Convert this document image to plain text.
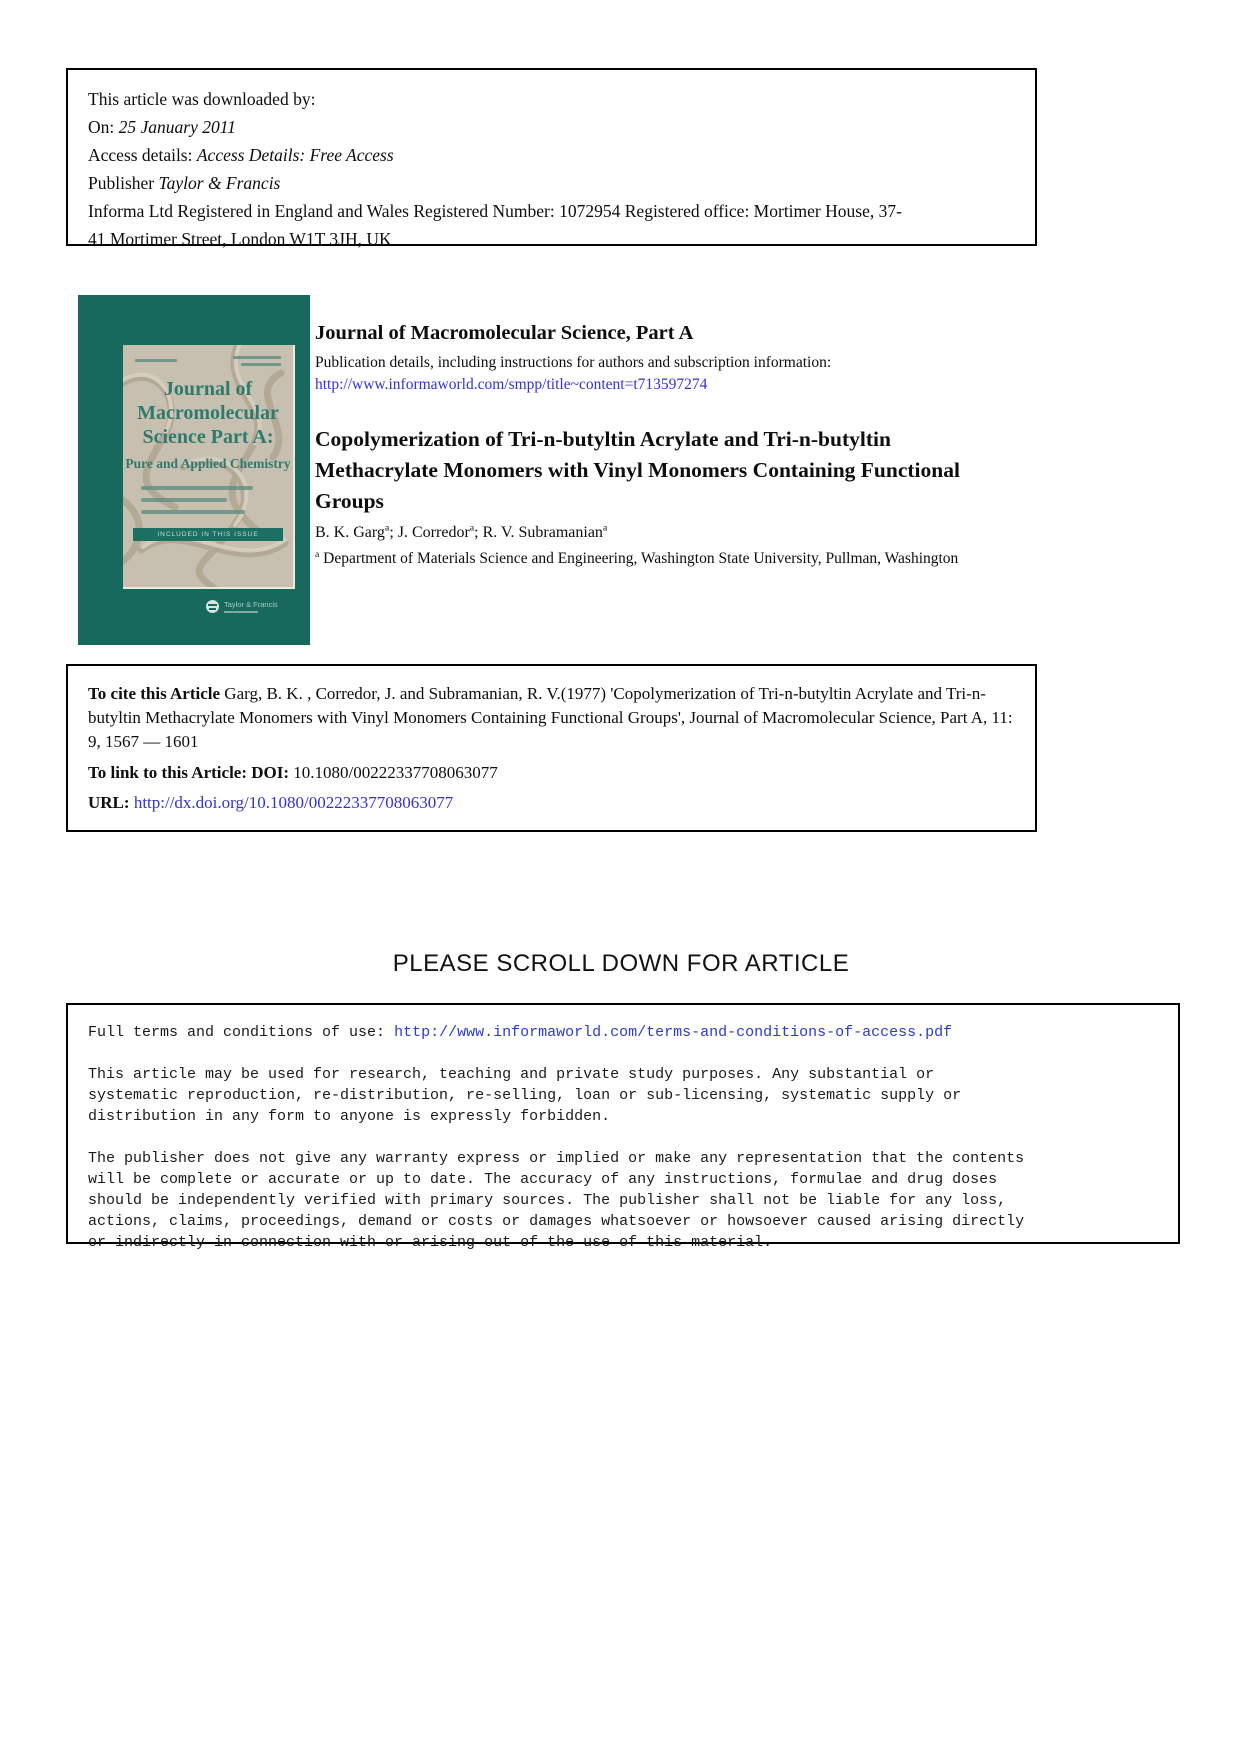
This article was downloaded by:
On: 25 January 2011
Access details: Access Details: Free Access
Publisher Taylor & Francis
Informa Ltd Registered in England and Wales Registered Number: 1072954 Registered office: Mortimer House, 37-
41 Mortimer Street, London W1T 3JH, UK
Journal of
Macromolecular
Science Part A:
Pure and Applied Chemistry
INCLUDED IN THIS ISSUE
Taylor & Francis
Journal of Macromolecular Science, Part A
Publication details, including instructions for authors and subscription information:
http://www.informaworld.com/smpp/title~content=t713597274
Copolymerization of Tri-n-butyltin Acrylate and Tri-n-butyltin Methacrylate Monomers with Vinyl Monomers Containing Functional Groups
B. K. Garg$^a$; J. Corredor$^a$; R. V. Subramanian$^a$
$^a$ Department of Materials Science and Engineering, Washington State University, Pullman, Washington
To cite this Article Garg, B. K. , Corredor, J. and Subramanian, R. V.(1977) 'Copolymerization of Tri-n-butyltin Acrylate and Tri-n-butyltin Methacrylate Monomers with Vinyl Monomers Containing Functional Groups', Journal of Macromolecular Science, Part A, 11: 9, 1567 — 1601
To link to this Article: DOI: 10.1080/00222337708063077
URL: http://dx.doi.org/10.1080/00222337708063077
PLEASE SCROLL DOWN FOR ARTICLE

Full terms and conditions of use: http://www.informaworld.com/terms-and-conditions-of-access.pdf

This article may be used for research, teaching and private study purposes. Any substantial or
systematic reproduction, re-distribution, re-selling, loan or sub-licensing, systematic supply or
distribution in any form to anyone is expressly forbidden.

The publisher does not give any warranty express or implied or make any representation that the contents
will be complete or accurate or up to date. The accuracy of any instructions, formulae and drug doses
should be independently verified with primary sources. The publisher shall not be liable for any loss,
actions, claims, proceedings, demand or costs or damages whatsoever or howsoever caused arising directly
or indirectly in connection with or arising out of the use of this material.
